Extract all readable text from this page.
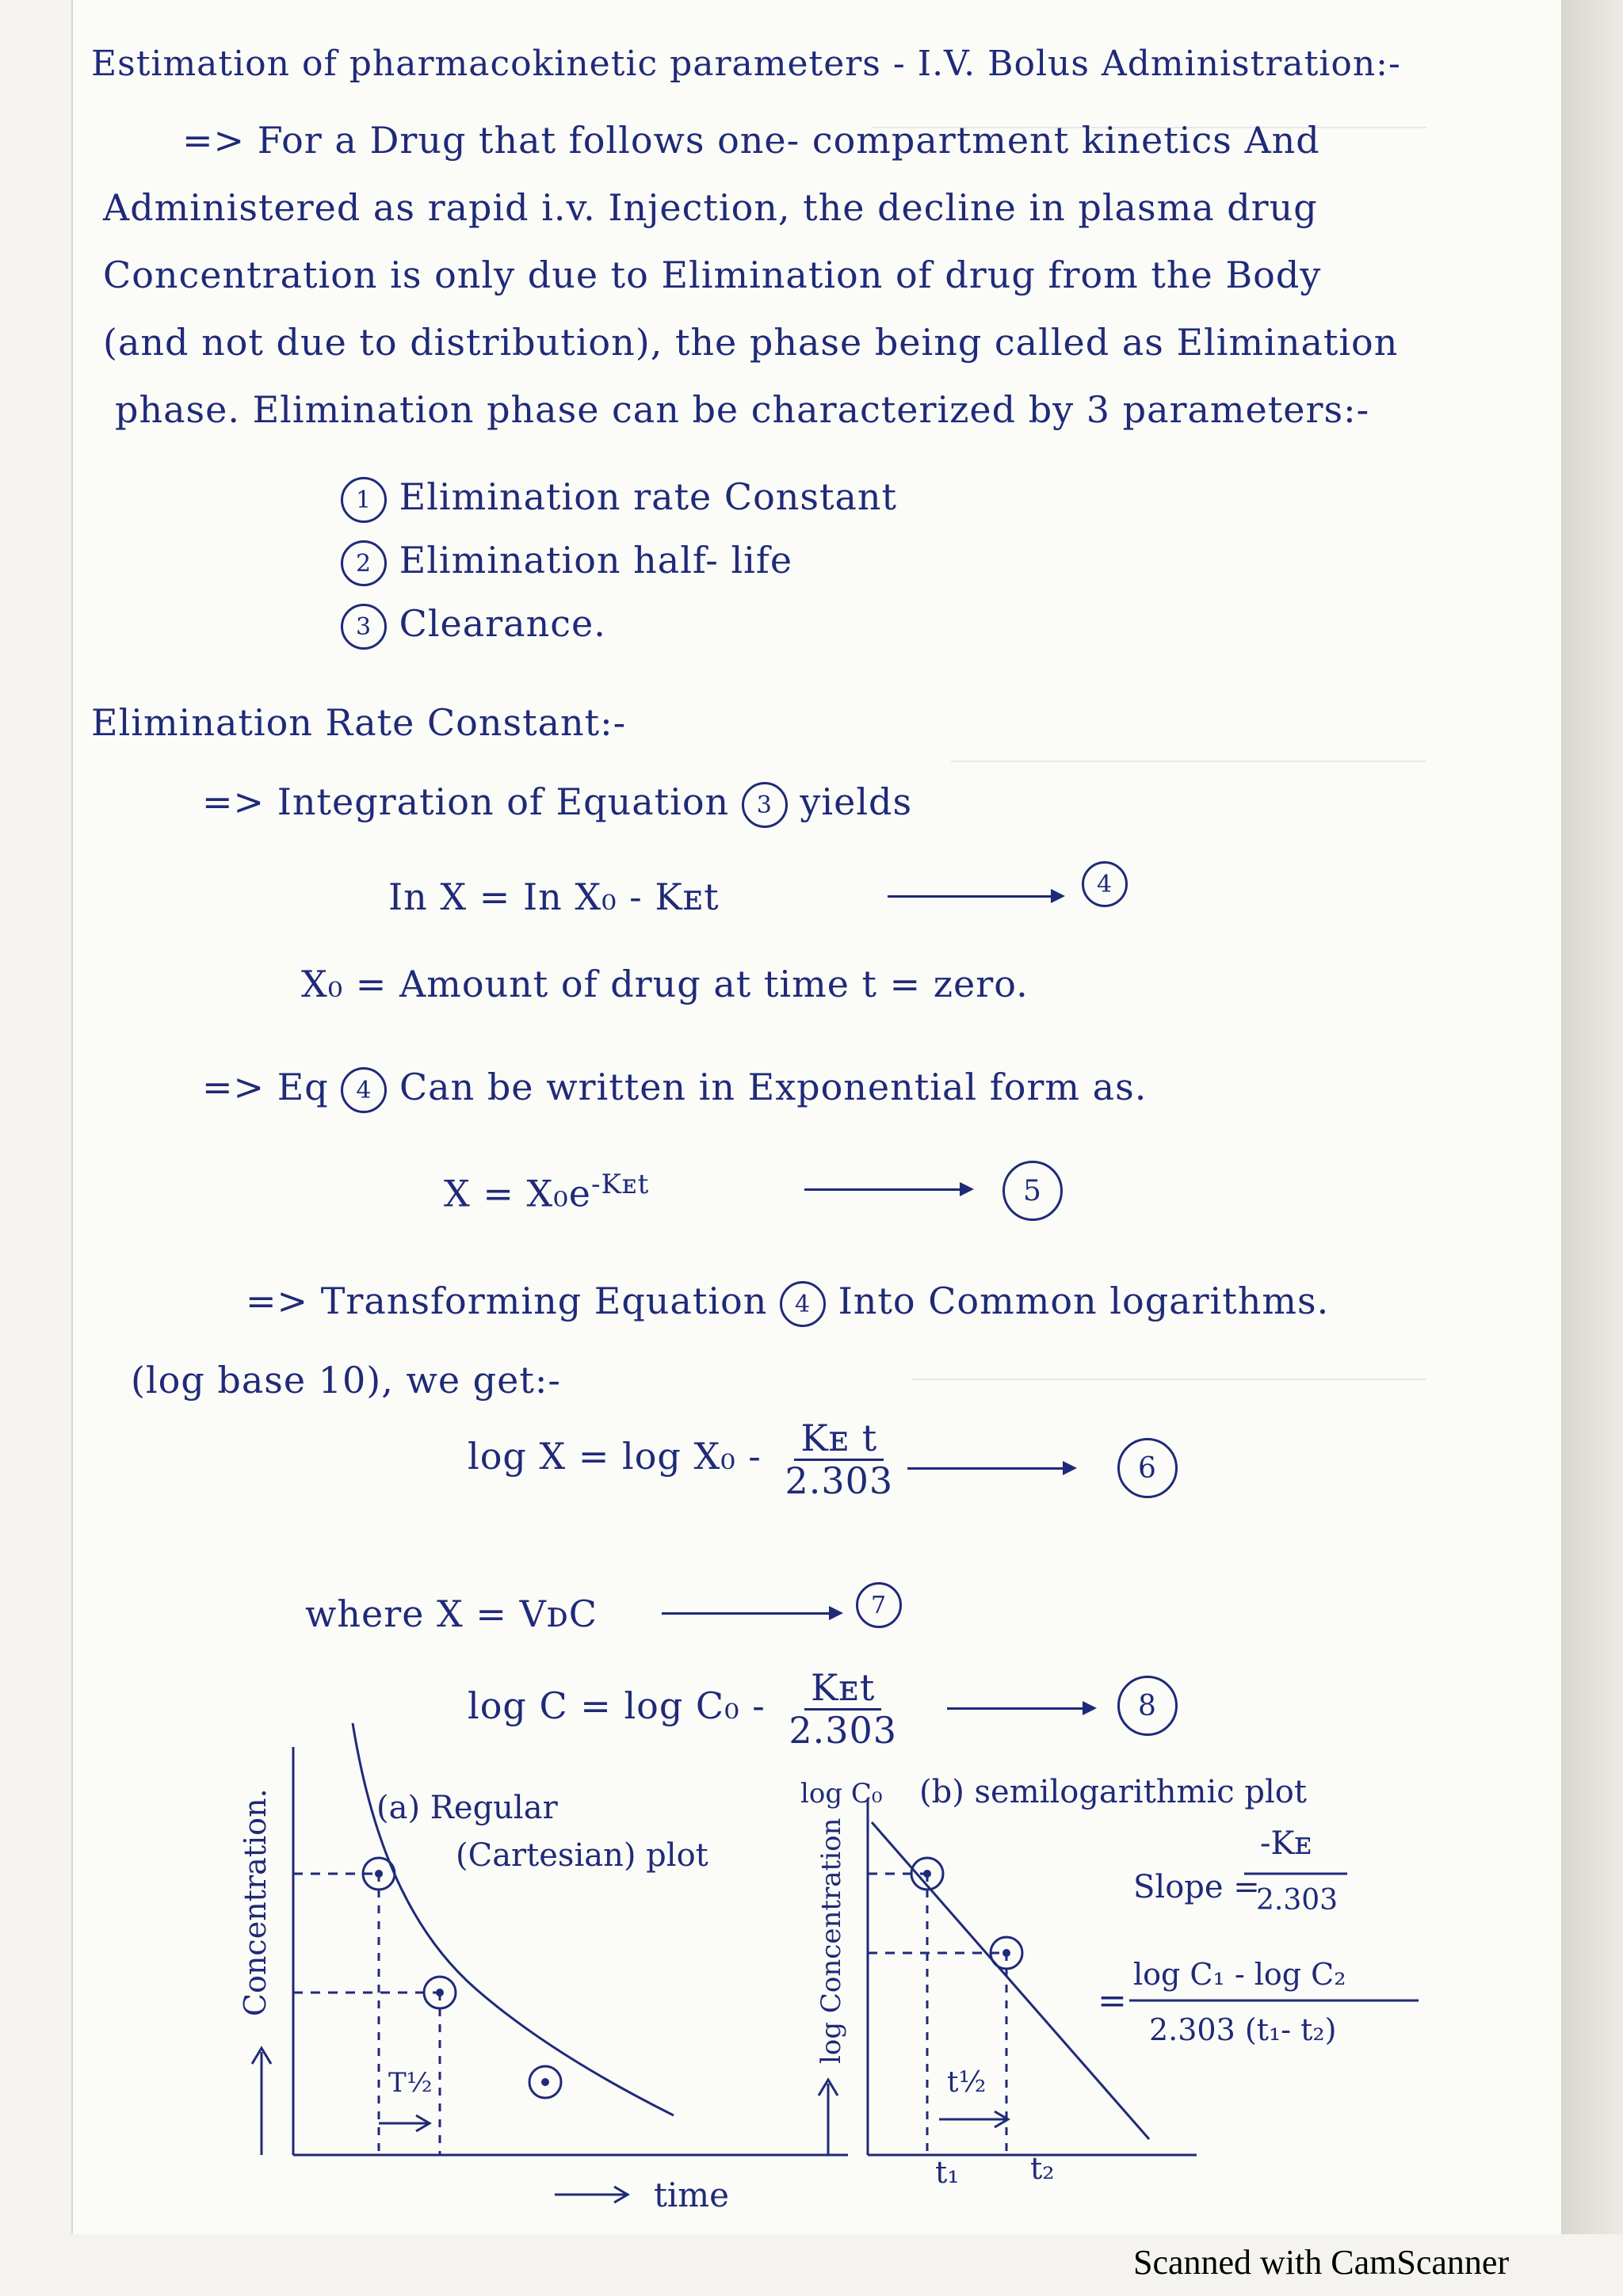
Estimation of pharmacokinetic parameters - I.V. Bolus Administration:-
=> For a Drug that follows one- compartment kinetics And
Administered as rapid i.v. Injection, the decline in plasma drug
Concentration is only due to Elimination of drug from the Body
(and not due to distribution), the phase being called as Elimination
phase. Elimination phase can be characterized by 3 parameters:-
1 Elimination rate Constant
2 Elimination half- life
3 Clearance.
Elimination Rate Constant:-
=> Integration of Equation 3 yields
In X = In X₀ - Kᴇt	4
X₀ = Amount of drug at time t = zero.
=> Eq 4 Can be written in Exponential form as.
$X = X_0e^{-Kᴇt}$	5
=> Transforming Equation 4 Into Common logarithms.
(log base 10), we get:-
$\log X = \log X_0 - \frac{\text{Kᴇ t}}{2.303}$	6
where X = VᴅC	7
$\log C = \log C_0 - \frac{\text{Kᴇt}}{2.303}$	8
(a) Regular
(Cartesian) plot
Concentration.
T½
(b) semilogarithmic plot
log C₀
log Concentration
t½
t₁ t₂
Slope =
-Kᴇ
2.303
=
log C₁ - log C₂
2.303 (t₁- t₂)
time
Scanned with CamScanner
